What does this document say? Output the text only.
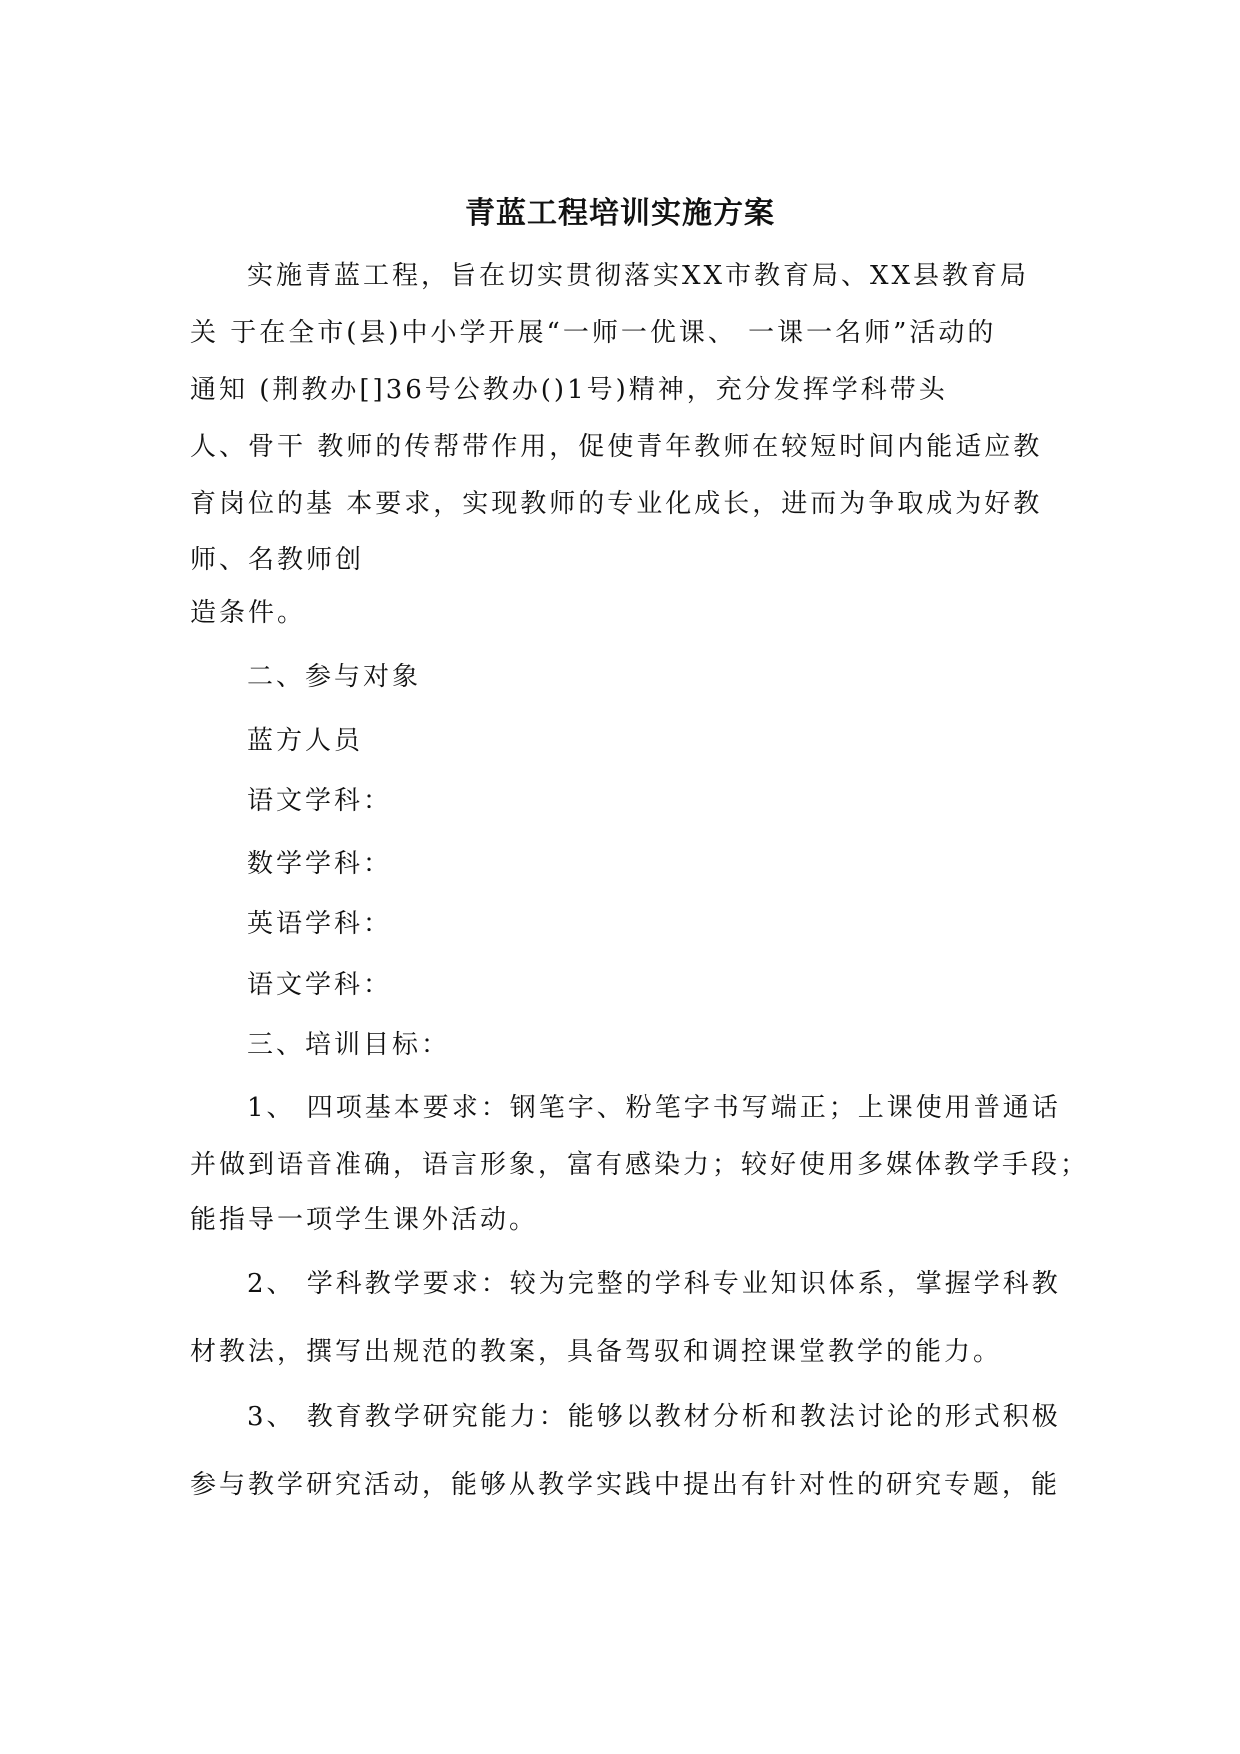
青蓝工程培训实施方案
实施青蓝工程，旨在切实贯彻落实XX市教育局、XX县教育局
关 于在全市(县)中小学开展“一师一优课、 一课一名师”活动的
通知 (荆教办[]36号公教办()1号)精神，充分发挥学科带头
人、骨干 教师的传帮带作用，促使青年教师在较短时间内能适应教
育岗位的基 本要求，实现教师的专业化成长，进而为争取成为好教
师、名教师创
造条件。
二、参与对象
蓝方人员
语文学科：
数学学科：
英语学科：
语文学科：
三、培训目标：
1、 四项基本要求：钢笔字、粉笔字书写端正；上课使用普通话
并做到语音准确，语言形象，富有感染力；较好使用多媒体教学手段；
能指导一项学生课外活动。
2、 学科教学要求：较为完整的学科专业知识体系，掌握学科教
材教法，撰写出规范的教案，具备驾驭和调控课堂教学的能力。
3、 教育教学研究能力：能够以教材分析和教法讨论的形式积极
参与教学研究活动，能够从教学实践中提出有针对性的研究专题，能
